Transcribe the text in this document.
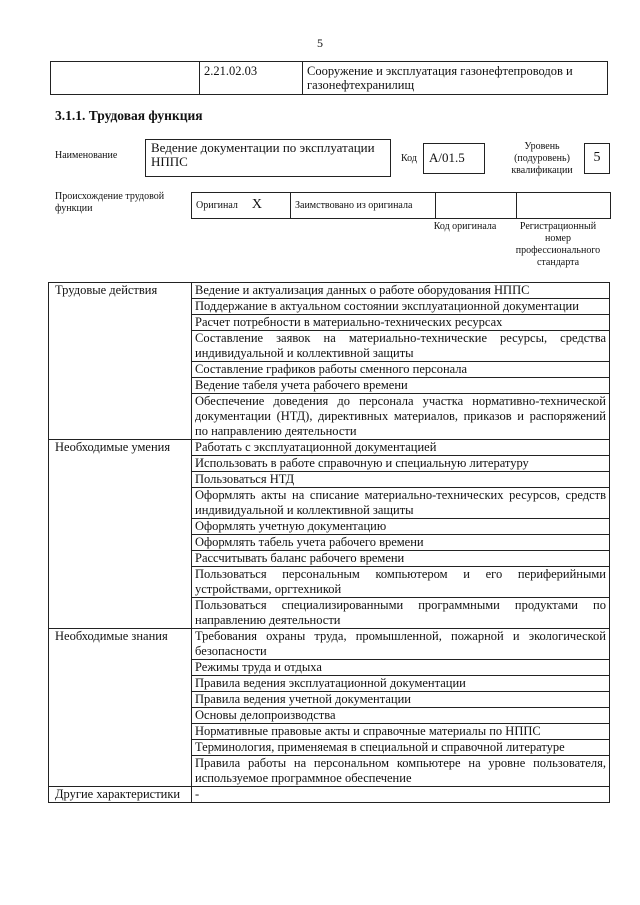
5
	2.21.02.03	Сооружение и эксплуатация газонефтепроводов и газонефтехранилищ
3.1.1. Трудовая функция
Наименование
Ведение документации по эксплуатации НППС	Код А/01.5
Уровень (подуровень) квалификации
5
Происхождение трудовой функции	Оригинал X	Заимствовано из оригинала		
Код оригинала	Регистрационный номер профессионального стандарта
Трудовые действия	Ведение и актуализация данных о работе оборудования НППС
	Поддержание в актуальном состоянии эксплуатационной документации
	Расчет потребности в материально-технических ресурсах
	Составление заявок на материально-технические ресурсы, средства индивидуальной и коллективной защиты
	Составление графиков работы сменного персонала
	Ведение табеля учета рабочего времени
	Обеспечение доведения до персонала участка нормативно-технической документации (НТД), директивных материалов, приказов и распоряжений по направлению деятельности
Необходимые умения	Работать с эксплуатационной документацией
	Использовать в работе справочную и специальную литературу
	Пользоваться НТД
	Оформлять акты на списание материально-технических ресурсов, средств индивидуальной и коллективной защиты
	Оформлять учетную документацию
	Оформлять табель учета рабочего времени
	Рассчитывать баланс рабочего времени
	Пользоваться персональным компьютером и его периферийными устройствами, оргтехникой
	Пользоваться специализированными программными продуктами по направлению деятельности
Необходимые знания	Требования охраны труда, промышленной, пожарной и экологической безопасности
	Режимы труда и отдыха
	Правила ведения эксплуатационной документации
	Правила ведения учетной документации
	Основы делопроизводства
	Нормативные правовые акты и справочные материалы по НППС
	Терминология, применяемая в специальной и справочной литературе
	Правила работы на персональном компьютере на уровне пользователя, используемое программное обеспечение
Другие характеристики	-
